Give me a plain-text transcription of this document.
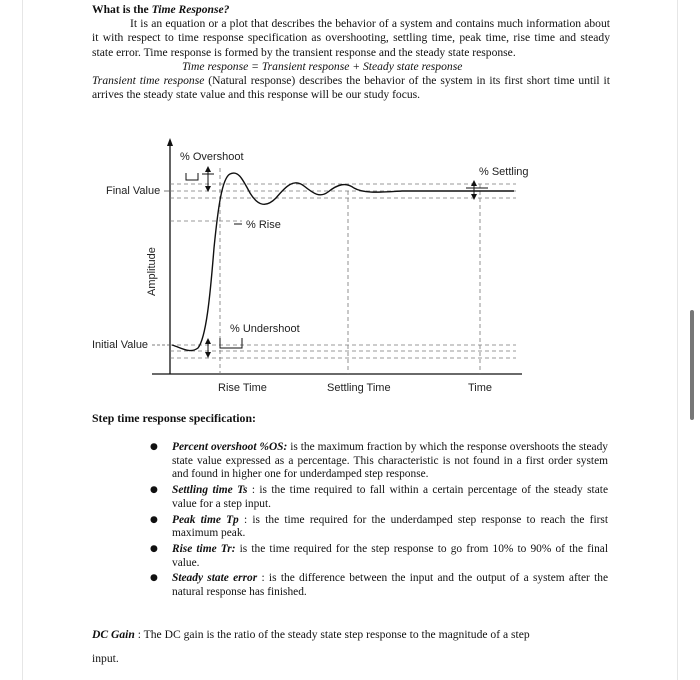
What is the Time Response?

It is an equation or a plot that describes the behavior of a system and contains much information about it with respect to time response specification as overshooting, settling time, peak time, rise time and steady state error. Time response is formed by the transient response and the steady state response.

Time response = Transient response + Steady state response

Transient time response (Natural response) describes the behavior of the system in its first short time until it arrives the steady state value and this response will be our study focus.

% Overshoot
% Settling
Final Value
% Rise
% Undershoot
Initial Value
Amplitude
Rise Time	Settling Time	Time
Step time response specification:
● Percent overshoot %OS: is the maximum fraction by which the response overshoots the steady state value expressed as a percentage. This characteristic is not found in a first order system and found in higher one for underdamped step response.
● Settling time Ts : is the time required to fall within a certain percentage of the steady state value for a step input.
● Peak time Tp : is the time required for the underdamped step response to reach the first maximum peak.
● Rise time Tr: is the time required for the step response to go from 10% to 90% of the final value.
● Steady state error : is the difference between the input and the output of a system after the natural response has finished.
DC Gain : The DC gain is the ratio of the steady state step response to the magnitude of a step
input.
